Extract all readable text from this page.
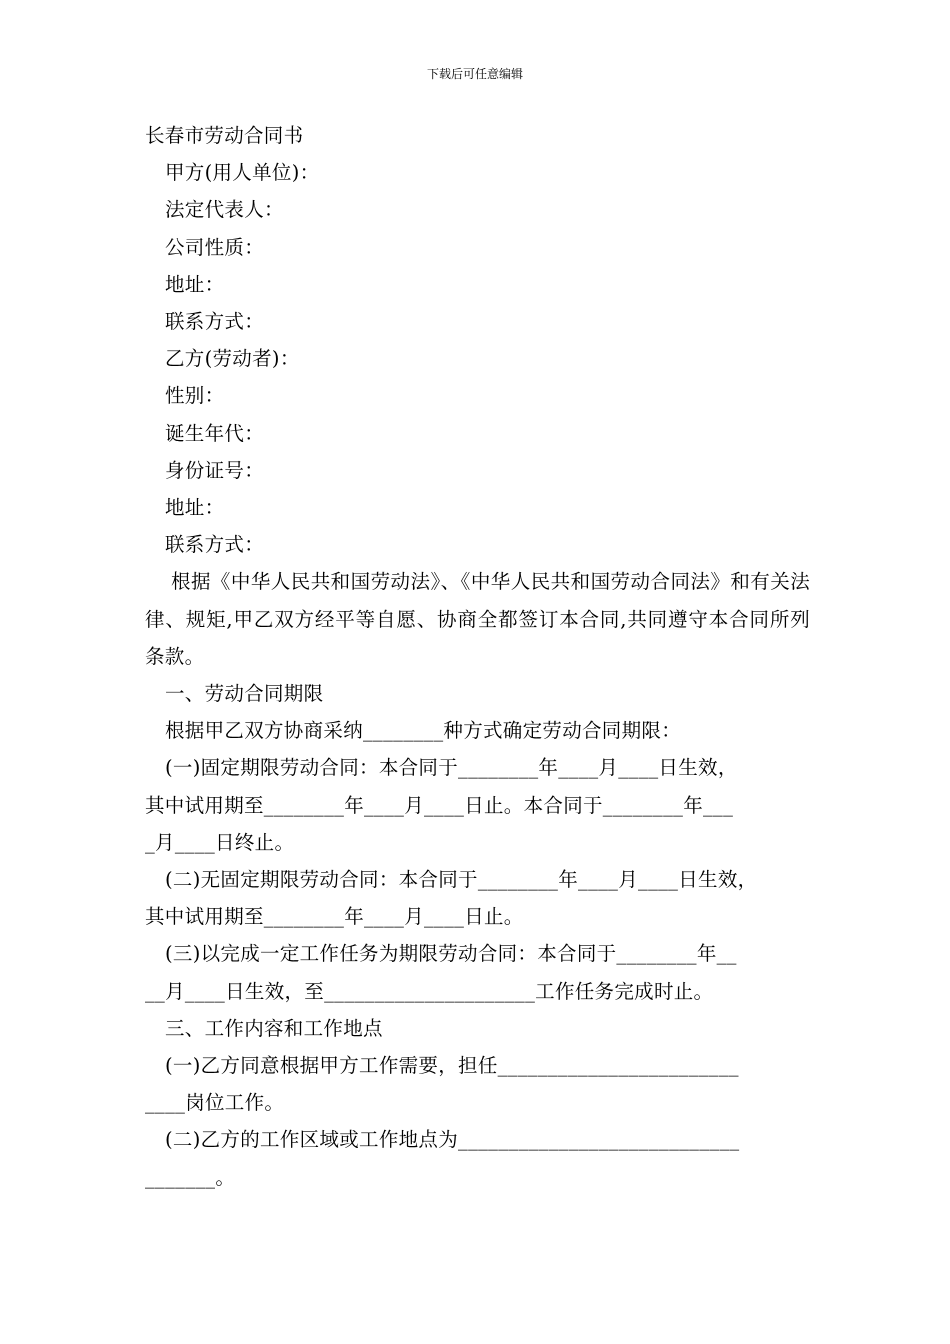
下载后可任意编辑

长春市劳动合同书

甲方(用人单位)：

法定代表人：

公司性质：

地址：

联系方式：

乙方(劳动者)：

性别：

诞生年代：

身份证号：

地址：

联系方式：

根据《中华人民共和国劳动法》、《中华人民共和国劳动合同法》和有关法律、规矩,甲乙双方经平等自愿、协商全都签订本合同,共同遵守本合同所列条款。

一、劳动合同期限

根据甲乙双方协商采纳________种方式确定劳动合同期限：

(一)固定期限劳动合同：本合同于________年____月____日生效，

其中试用期至________年____月____日止。本合同于________年___

_月____日终止。

(二)无固定期限劳动合同：本合同于________年____月____日生效，

其中试用期至________年____月____日止。

(三)以完成一定工作任务为期限劳动合同：本合同于________年__

__月____日生效，至_____________________工作任务完成时止。

三、工作内容和工作地点

(一)乙方同意根据甲方工作需要，担任________________________

____岗位工作。

(二)乙方的工作区域或工作地点为____________________________

_______。
